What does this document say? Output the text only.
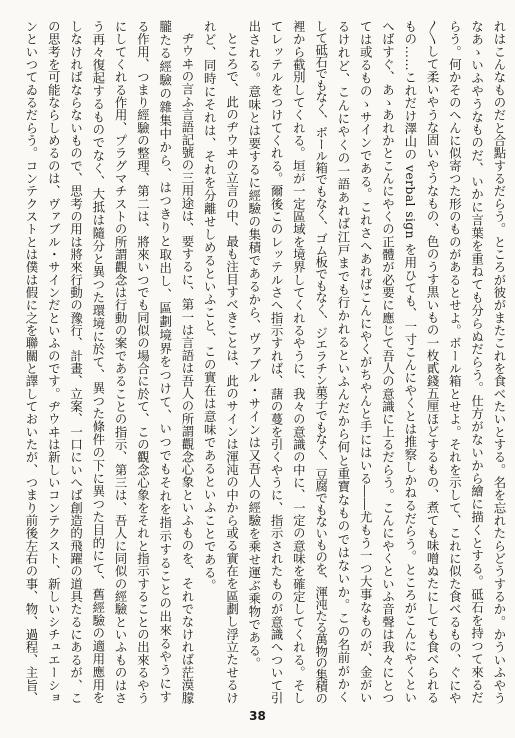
れはこんなものだと合點するだらう。ところが彼がまたこれを食べたいとする。名を忘れたらどうするか。かういふやう
なあゝいふやうなものだ、いかに言葉を重ねても分らぬだらう。仕方がないから繪に描くとする。砥石を持つて來るだ
らう。何かそのへんに似寄つた形のものがあるとせよ。ボール箱とせよ。それを示して、これに似た食べるもの、ぐにや
〳〵して柔いやうな固いやうなもの、色のうす黒いもの一枚貳錢五厘ほどするもの、煮ても味噌ぬたにしても食べられる
もの……これだけ澤山の verbal sign を用ひても、一寸こんにやくとは推察しかねるだらう。ところがこんにやくとい
へばすぐ、あゝあれかとこんにやくの正體が必要に應じて吾人の意識に上るだらう。こんにやくといふ音聲は我々にとつ
ては或るものゝサインである。これさへあればこんにやくがちやんと手にはいる――尤もう一つ大事なものが、金がい
るけれど、こんにやくの一語あれば江戸までも行かれるといふんだから何と重寶なものではないか。この名前がかく
して砥石でもなく、ボール箱でもなく、ゴム板でもなく、ジエラチン菓子でもなく、豆腐でもないものを、渾沌たる萬物の集積の
裡から截別してくれる。垣が一定區域を境界してくれるやうに、我々の意識の中に、一定の意味を確定してくれる。そし
てレッテルをつけてくれる。爾後このレッテルさへ指示すれば、藷の蔓を引くやうに、指示されたものが意識へついて引
出される。意味とは要するに經驗の集積であるから、ヴァブル・サインは又吾人の經驗を乘せ運ぶ乘物である。
ところで、此のヂウヰの立言の中、最も注目すべきことは、此のサインは渾沌の中から或る實在を區劃し浮立たせるけ
れど、同時にそれは、それを分離せしめるといふこと、この實在は意味であるといふことである。
ヂウヰの言ふ言語記號の三用途は、要するに、第一は言語は吾人の所謂觀念心象といふものを、それでなければ茫漠朦
朧たる經驗の雜集中から、はつきりと取出し、區劃境界をつけて、いつでもそれを指示することの出來るやうにす
る作用、つまり經驗の整理、第二は、將來いつでも同似の場合に於て、この觀念心象をそれと指示することの出來るやう
にしてくれる作用、プラグマチストの所謂觀念は行動の案であることの指示、第三は、吾人に同似の經驗といふものはさ
う再々復起するものでなく、大抵は隨分と異つた環境に於て、異つた條件の下に異つた目的にて、舊經驗の適用應用を
しなければならないもので、思考の用は將來行動の豫行、計畫、立案、一口にいへば創造的飛躍の道具たるにあるが、こ
の思考を可能ならしめるのは、ヴァブル・サインだといふのです。ヂウヰは新しいコンテクスト、新しいシチュエーショ
ンといつてゐるだらう。コンテクストとは僕は假に之を聯關と譯しておいたが、つまり前後左右の事、物、過程、主旨、
38
